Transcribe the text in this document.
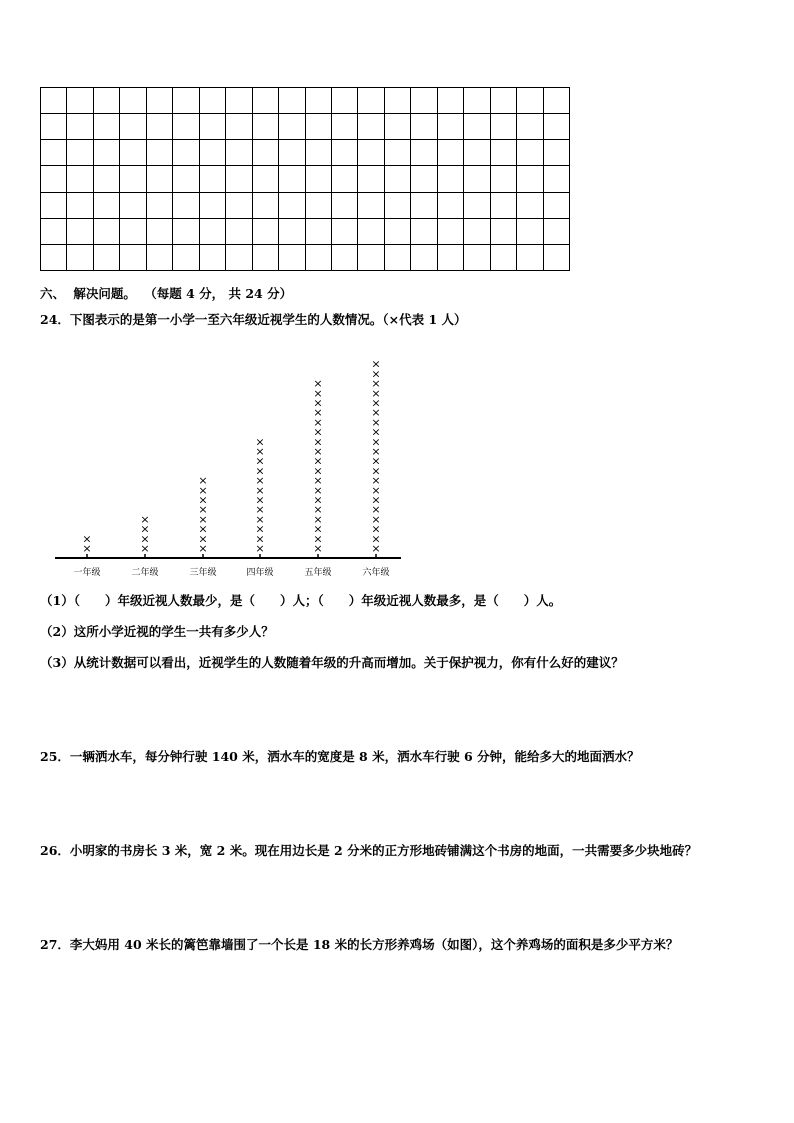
六、 解决问题。 （每题 4 分， 共 24 分）
24．下图表示的是第一小学一至六年级近视学生的人数情况。（×代表 1 人）
一年级
×
×
二年级
×
×
×
×
三年级
×
×
×
×
×
×
×
×
四年级
×
×
×
×
×
×
×
×
×
×
×
×
五年级
×
×
×
×
×
×
×
×
×
×
×
×
×
×
×
×
×
×
六年级
×
×
×
×
×
×
×
×
×
×
×
×
×
×
×
×
×
×
×
×
（1）（　　）年级近视人数最少，是（　　）人；（　　）年级近视人数最多，是（　　）人。
（2）这所小学近视的学生一共有多少人？
（3）从统计数据可以看出，近视学生的人数随着年级的升高而增加。关于保护视力，你有什么好的建议？
25．一辆洒水车，每分钟行驶 140 米，洒水车的宽度是 8 米，洒水车行驶 6 分钟，能给多大的地面洒水？
26．小明家的书房长 3 米，宽 2 米。现在用边长是 2 分米的正方形地砖铺满这个书房的地面，一共需要多少块地砖？
27．李大妈用 40 米长的篱笆靠墙围了一个长是 18 米的长方形养鸡场（如图），这个养鸡场的面积是多少平方米？
